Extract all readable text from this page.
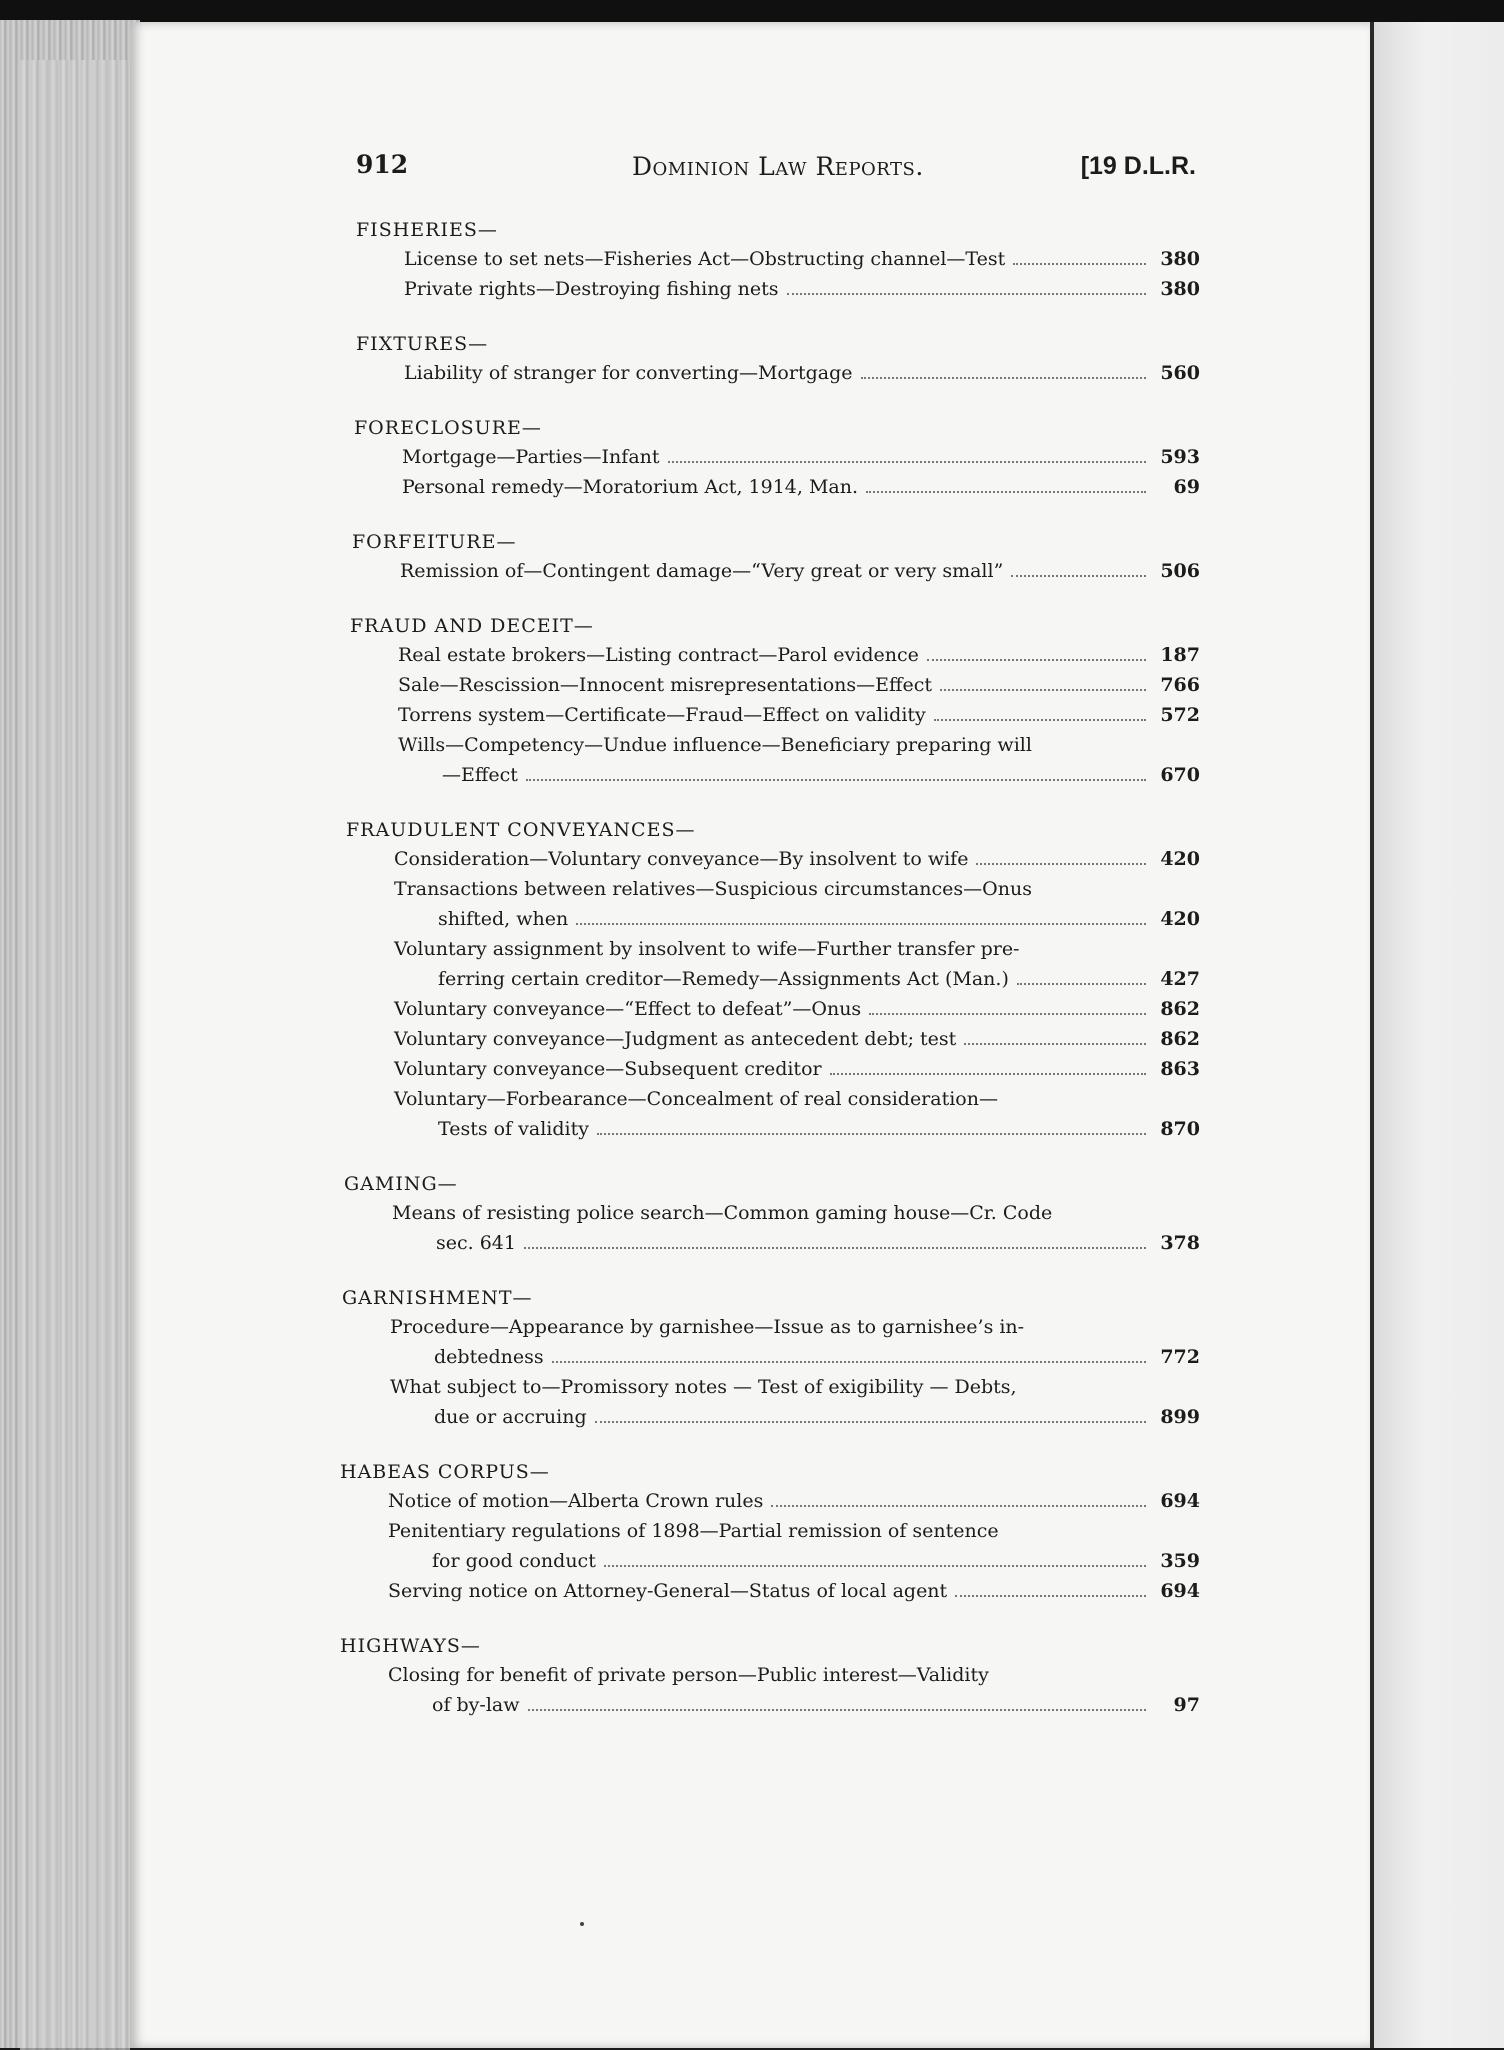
912	Dominion Law Reports.	[19 D.L.R.
FISHERIES—
License to set nets—Fisheries Act—Obstructing channel—Test	380
Private rights—Destroying fishing nets	380
FIXTURES—
Liability of stranger for converting—Mortgage	560
FORECLOSURE—
Mortgage—Parties—Infant	593
Personal remedy—Moratorium Act, 1914, Man.	69
FORFEITURE—
Remission of—Contingent damage—“Very great or very small”	506
FRAUD AND DECEIT—
Real estate brokers—Listing contract—Parol evidence	187
Sale—Rescission—Innocent misrepresentations—Effect	766
Torrens system—Certificate—Fraud—Effect on validity	572
Wills—Competency—Undue influence—Beneficiary preparing will
—Effect	670
FRAUDULENT CONVEYANCES—
Consideration—Voluntary conveyance—By insolvent to wife	420
Transactions between relatives—Suspicious circumstances—Onus
shifted, when	420
Voluntary assignment by insolvent to wife—Further transfer pre-
ferring certain creditor—Remedy—Assignments Act (Man.)	427
Voluntary conveyance—“Effect to defeat”—Onus	862
Voluntary conveyance—Judgment as antecedent debt; test	862
Voluntary conveyance—Subsequent creditor	863
Voluntary—Forbearance—Concealment of real consideration—
Tests of validity	870
GAMING—
Means of resisting police search—Common gaming house—Cr. Code
sec. 641	378
GARNISHMENT—
Procedure—Appearance by garnishee—Issue as to garnishee’s in-
debtedness	772
What subject to—Promissory notes — Test of exigibility — Debts,
due or accruing	899
HABEAS CORPUS—
Notice of motion—Alberta Crown rules	694
Penitentiary regulations of 1898—Partial remission of sentence
for good conduct	359
Serving notice on Attorney-General—Status of local agent	694
HIGHWAYS—
Closing for benefit of private person—Public interest—Validity
of by-law	97
